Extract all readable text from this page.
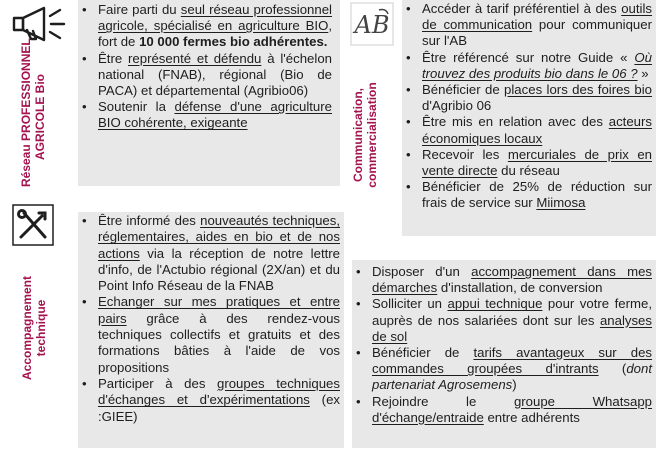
Réseau PROFESSIONNEL AGRICOLE Bio
• Faire parti du seul réseau professionnel agricole, spécialisé en agriculture BIO, fort de 10 000 fermes bio adhérentes.
• Être représenté et défendu à l'échelon national (FNAB), régional (Bio de PACA) et départemental (Agribio06)
• Soutenir la défense d'une agriculture BIO cohérente, exigeante
AB
Communication, commercialisation
• Accéder à tarif préférentiel à des outils de communication pour communiquer sur l'AB
• Être référencé sur notre Guide « Où trouvez des produits bio dans le 06 ? »
• Bénéficier de places lors des foires bio d'Agribio 06
• Être mis en relation avec des acteurs économiques locaux
• Recevoir les mercuriales de prix en vente directe du réseau
• Bénéficier de 25% de réduction sur frais de service sur Miimosa
Accompagnement technique
• Être informé des nouveautés techniques, réglementaires, aides en bio et de nos actions via la réception de notre lettre d'info, de l'Actubio régional (2X/an) et du Point Info Réseau de la FNAB
• Echanger sur mes pratiques et entre pairs grâce à des rendez-vous techniques collectifs et gratuits et des formations bâties à l'aide de vos propositions
• Participer à des groupes techniques d'échanges et d'expérimentations (ex :GIEE)
• Disposer d'un accompagnement dans mes démarches d'installation, de conversion
• Solliciter un appui technique pour votre ferme, auprès de nos salariées dont sur les analyses de sol
• Bénéficier de tarifs avantageux sur des commandes groupées d'intrants (dont partenariat Agrosemens)
• Rejoindre le groupe Whatsapp d'échange/entraide entre adhérents
